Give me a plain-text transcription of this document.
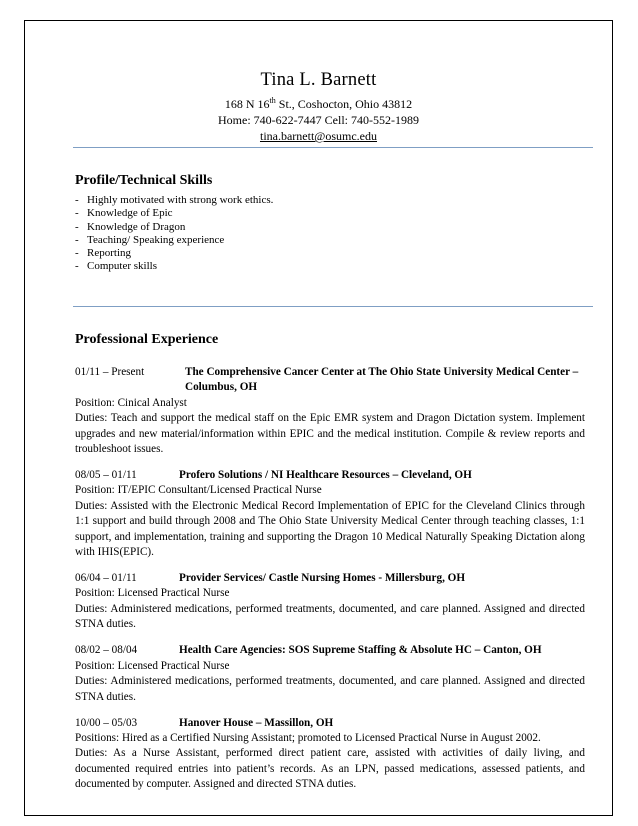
Tina L. Barnett
168 N 16th St., Coshocton, Ohio 43812
Home: 740-622-7447 Cell: 740-552-1989
tina.barnett@osumc.edu
Profile/Technical Skills
- Highly motivated with strong work ethics.
- Knowledge of Epic
- Knowledge of Dragon
- Teaching/ Speaking experience
- Reporting
- Computer skills
Professional Experience
01/11 – Present	The Comprehensive Cancer Center at The Ohio State University Medical Center – Columbus, OH
Position: Cinical Analyst
Duties: Teach and support the medical staff on the Epic EMR system and Dragon Dictation system. Implement upgrades and new material/information within EPIC and the medical institution. Compile & review reports and troubleshoot issues.
08/05 – 01/11	Profero Solutions / NI Healthcare Resources – Cleveland, OH
Position: IT/EPIC Consultant/Licensed Practical Nurse
Duties: Assisted with the Electronic Medical Record Implementation of EPIC for the Cleveland Clinics through 1:1 support and build through 2008 and The Ohio State University Medical Center through teaching classes, 1:1 support, and implementation, training and supporting the Dragon 10 Medical Naturally Speaking Dictation along with IHIS(EPIC).
06/04 – 01/11	Provider Services/ Castle Nursing Homes - Millersburg, OH
Position: Licensed Practical Nurse
Duties: Administered medications, performed treatments, documented, and care planned. Assigned and directed STNA duties.
08/02 – 08/04	Health Care Agencies: SOS Supreme Staffing & Absolute HC – Canton, OH
Position: Licensed Practical Nurse
Duties: Administered medications, performed treatments, documented, and care planned. Assigned and directed STNA duties.
10/00 – 05/03	Hanover House – Massillon, OH
Positions: Hired as a Certified Nursing Assistant; promoted to Licensed Practical Nurse in August 2002.
Duties: As a Nurse Assistant, performed direct patient care, assisted with activities of daily living, and documented required entries into patient’s records. As an LPN, passed medications, assessed patients, and documented by computer. Assigned and directed STNA duties.
